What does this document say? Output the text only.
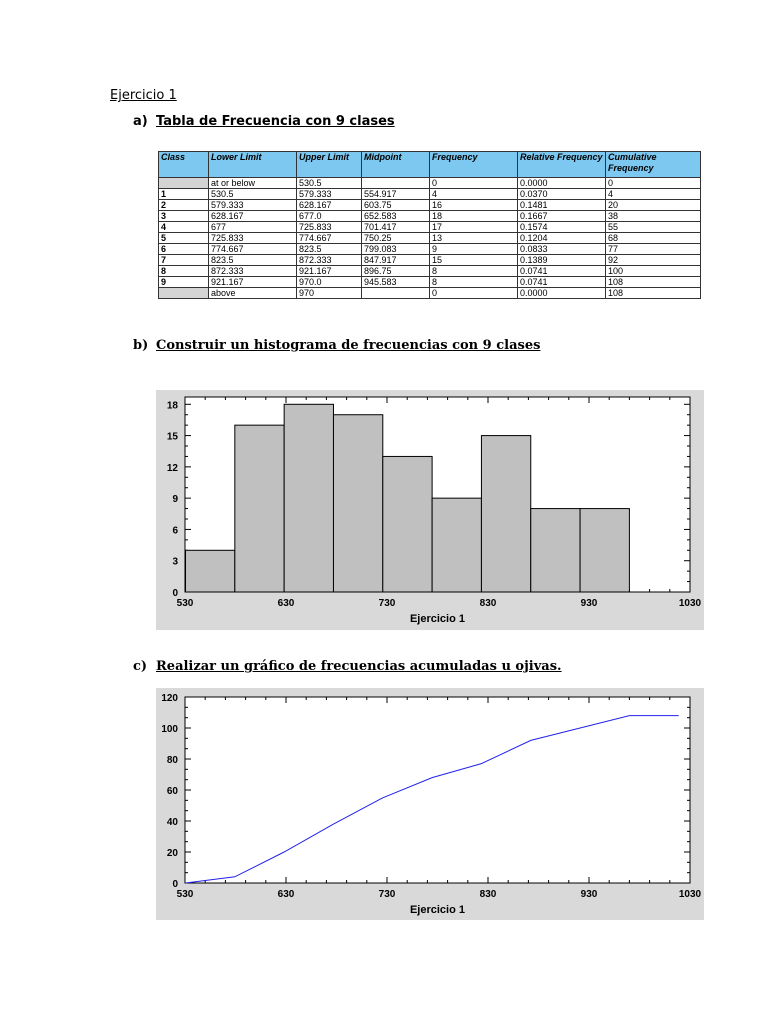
Ejercicio 1
a) Tabla de Frecuencia con 9 clases
Class	Lower Limit	Upper Limit	Midpoint	Frequency	Relative Frequency	Cumulative Frequency
	at or below	530.5		0	0.0000	0
1	530.5	579.333	554.917	4	0.0370	4
2	579.333	628.167	603.75	16	0.1481	20
3	628.167	677.0	652.583	18	0.1667	38
4	677	725.833	701.417	17	0.1574	55
5	725.833	774.667	750.25	13	0.1204	68
6	774.667	823.5	799.083	9	0.0833	77
7	823.5	872.333	847.917	15	0.1389	92
8	872.333	921.167	896.75	8	0.0741	100
9	921.167	970.0	945.583	8	0.0741	108
	above	970		0	0.0000	108
b) Construir un histograma de frecuencias con 9 clases
530	630	730	830	930	1030
0
3
6
9
12
15
18
Ejercicio 1
c) Realizar un gráfico de frecuencias acumuladas u ojivas.
530	630	730	830	930	1030
0
20
40
60
80
100
120
Ejercicio 1
